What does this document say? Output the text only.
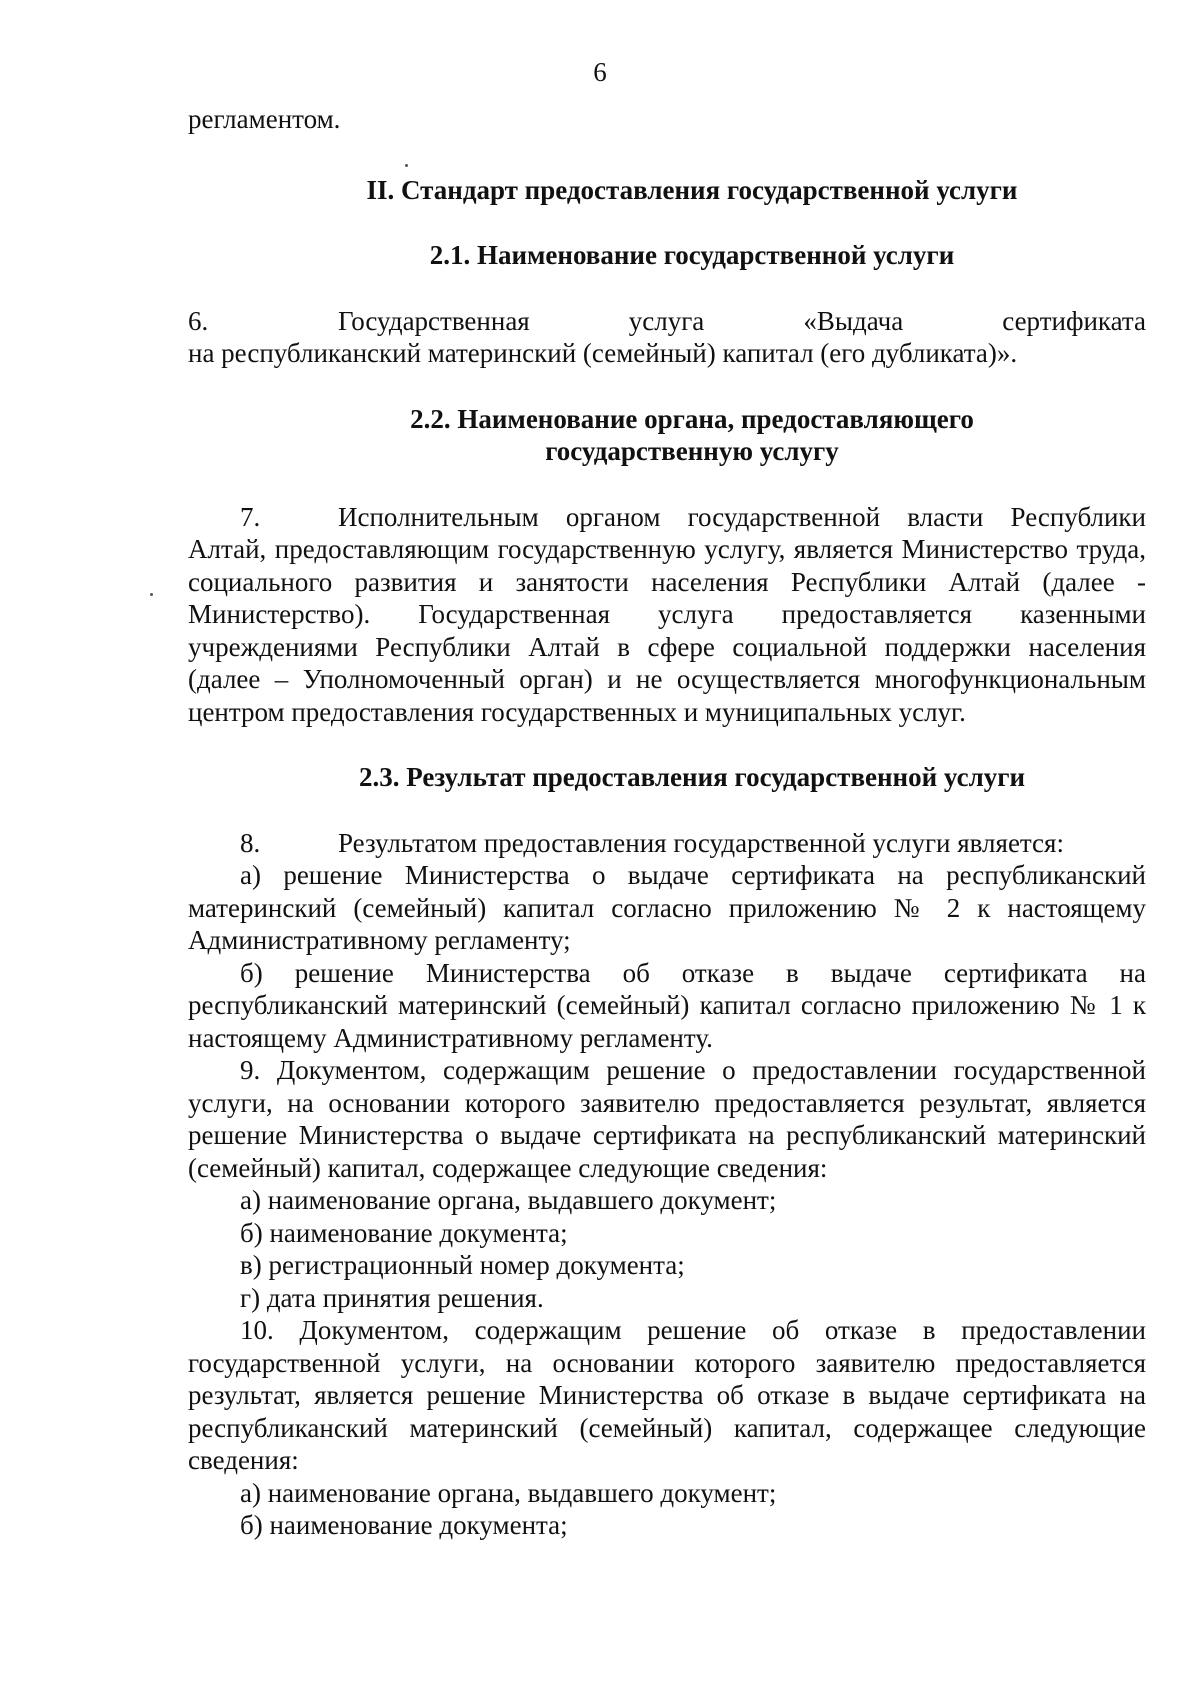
6

регламентом.

II. Стандарт предоставления государственной услуги

2.1. Наименование государственной услуги

6.	Государственная услуга «Выдача сертификата

на республиканский материнский (семейный) капитал (его дубликата)».

2.2. Наименование органа, предоставляющего
государственную услугу

7.	Исполнительным органом государственной власти Республики Алтай, предоставляющим государственную услугу, является Министерство труда, социального развития и занятости населения Республики Алтай (далее - Министерство). Государственная услуга предоставляется казенными учреждениями Республики Алтай в сфере социальной поддержки населения (далее – Уполномоченный орган) и не осуществляется многофункциональным центром предоставления государственных и муниципальных услуг.

2.3. Результат предоставления государственной услуги

8.	Результатом предоставления государственной услуги является:

а) решение Министерства о выдаче сертификата на республиканский материнский (семейный) капитал согласно приложению № 2 к настоящему Административному регламенту;

б) решение Министерства об отказе в выдаче сертификата на республиканский материнский (семейный) капитал согласно приложению № 1 к настоящему Административному регламенту.

9. Документом, содержащим решение о предоставлении государственной услуги, на основании которого заявителю предоставляется результат, является решение Министерства о выдаче сертификата на республиканский материнский (семейный) капитал, содержащее следующие сведения:

а) наименование органа, выдавшего документ;

б) наименование документа;

в) регистрационный номер документа;

г) дата принятия решения.

10. Документом, содержащим решение об отказе в предоставлении государственной услуги, на основании которого заявителю предоставляется результат, является решение Министерства об отказе в выдаче сертификата на республиканский материнский (семейный) капитал, содержащее следующие сведения:

а) наименование органа, выдавшего документ;

б) наименование документа;
